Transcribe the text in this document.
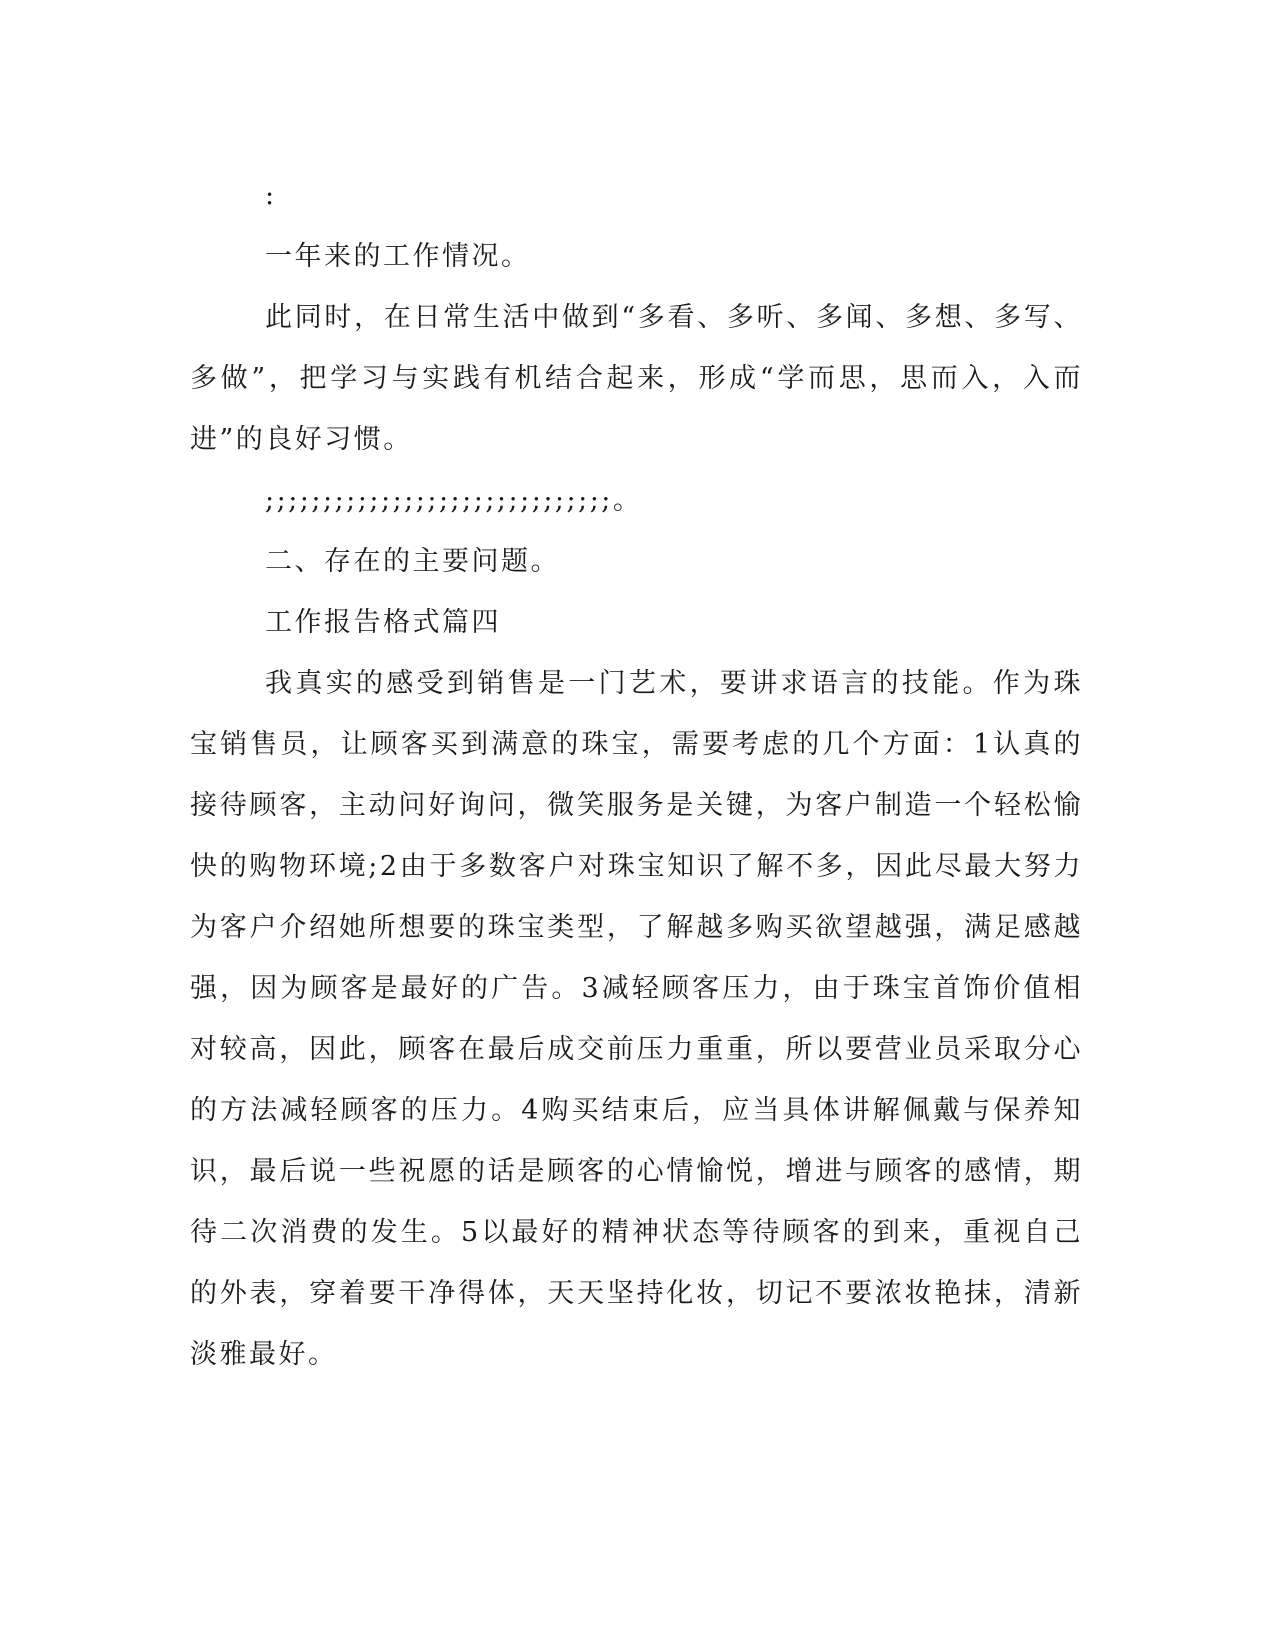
:

一年来的工作情况。

此同时，在日常生活中做到“多看、多听、多闻、多想、多写、多做”，把学习与实践有机结合起来，形成“学而思，思而入，入而进”的良好习惯。

;;;;;;;;;;;;;;;;;;;;;;;;;;;;;;。

二、存在的主要问题。

工作报告格式篇四

我真实的感受到销售是一门艺术，要讲求语言的技能。作为珠宝销售员，让顾客买到满意的珠宝，需要考虑的几个方面：1认真的接待顾客，主动问好询问，微笑服务是关键，为客户制造一个轻松愉快的购物环境;2由于多数客户对珠宝知识了解不多，因此尽最大努力为客户介绍她所想要的珠宝类型，了解越多购买欲望越强，满足感越强，因为顾客是最好的广告。3减轻顾客压力，由于珠宝首饰价值相对较高，因此，顾客在最后成交前压力重重，所以要营业员采取分心的方法减轻顾客的压力。4购买结束后，应当具体讲解佩戴与保养知识，最后说一些祝愿的话是顾客的心情愉悦，增进与顾客的感情，期待二次消费的发生。5以最好的精神状态等待顾客的到来，重视自己的外表，穿着要干净得体，天天坚持化妆，切记不要浓妆艳抹，清新淡雅最好。
